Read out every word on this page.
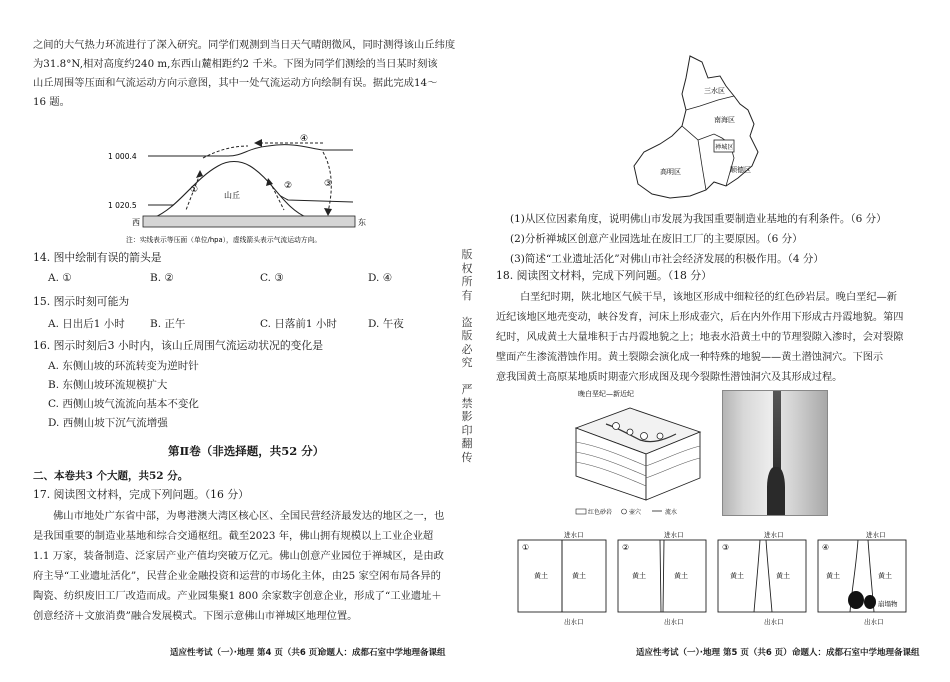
之间的大气热力环流进行了深入研究。同学们观测到当日天气晴朗微风，同时测得该山丘纬度
为31.8°N,相对高度约240 m,东西山麓相距约2 千米。下图为同学们测绘的当日某时刻该
山丘周围等压面和气流运动方向示意图，其中一处气流运动方向绘制有误。据此完成14～
16 题。
1 000.4
1 020.5
山丘
西	东
①	②	③
④
注：实线表示等压面（单位/hpa），虚线箭头表示气流运动方向。
14. 图中绘制有误的箭头是
A. ①	B. ②	C. ③	D. ④
15. 图示时刻可能为
A. 日出后1 小时 B. 正午	C. 日落前1 小时	D. 午夜
16. 图示时刻后3 小时内，该山丘周围气流运动状况的变化是
A. 东侧山坡的环流转变为逆时针
B. 东侧山坡环流规模扩大
C. 西侧山坡气流流向基本不变化
D. 西侧山坡下沉气流增强
第Ⅱ卷（非选择题，共52 分）
二、本卷共3 个大题，共52 分。
17. 阅读图文材料，完成下列问题。（16 分）
佛山市地处广东省中部，为粤港澳大湾区核心区、全国民营经济最发达的地区之一，也
是我国重要的制造业基地和综合交通枢纽。截至2023 年，佛山拥有规模以上工业企业超
1.1 万家，装备制造、泛家居产业产值均突破万亿元。佛山创意产业园位于禅城区，是由政
府主导“工业遗址活化”，民营企业金融投资和运营的市场化主体，由25 家空闲布局各异的
陶瓷、纺织废旧工厂改造而成。产业园集聚1 800 余家数字创意企业，形成了“工业遗址＋
创意经济＋文旅消费”融合发展模式。下图示意佛山市禅城区地理位置。
适应性考试（一）·地理 第4 页（共6 页）
命题人：成都石室中学地理备课组
版
权
所
有

盗
版
必
究

严
禁
影
印
翻
传
三水区
南海区
禅城区
高明区	顺德区
(1)从区位因素角度，说明佛山市发展为我国重要制造业基地的有利条件。（6 分）
(2)分析禅城区创意产业园选址在废旧工厂的主要原因。（6 分）
(3)简述“工业遗址活化”对佛山市社会经济发展的积极作用。（4 分）
18. 阅读图文材料，完成下列问题。（18 分）
白垩纪时期，陕北地区气候干旱，该地区形成中细粒径的红色砂岩层。晚白垩纪—新
近纪该地区地壳变动，峡谷发育，河床上形成壶穴，后在内外作用下形成古丹霞地貌。第四
纪时，风成黄土大量堆积于古丹霞地貌之上；地表水沿黄土中的节理裂隙入渗时，会对裂隙
壁面产生渗流潜蚀作用。黄土裂隙会演化成一种特殊的地貌——黄土潜蚀洞穴。下图示
意我国黄土高原某地质时期壶穴形成图及现今裂隙性潜蚀洞穴及其形成过程。
晚白垩纪—新近纪
红色砂岩	壶穴	流水
①
黄土	黄土
进水口
出水口
②
黄土	黄土
进水口
出水口
③
黄土	黄土
进水口
出水口
④
黄土	黄土
崩塌物
进水口
出水口
适应性考试（一）·地理 第5 页（共6 页） 命题人：成都石室中学地理备课组
